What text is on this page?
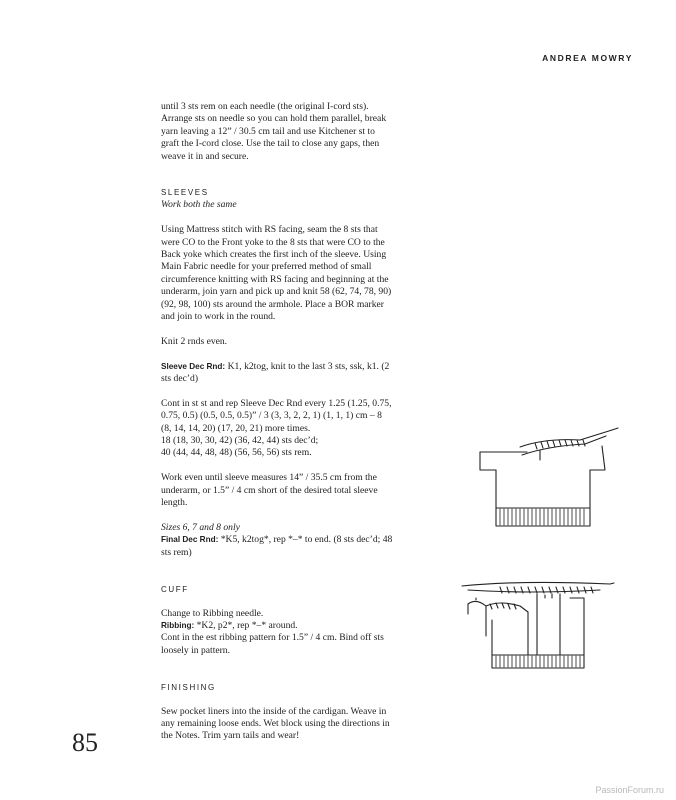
ANDREA MOWRY

until 3 sts rem on each needle (the original I-cord sts). Arrange sts on needle so you can hold them parallel, break yarn leaving a 12” / 30.5 cm tail and use Kitchener st to graft the I-cord close. Use the tail to close any gaps, then weave it in and secure.

SLEEVES
Work both the same

Using Mattress stitch with RS facing, seam the 8 sts that were CO to the Front yoke to the 8 sts that were CO to the Back yoke which creates the first inch of the sleeve. Using Main Fabric needle for your preferred method of small circumference knitting with RS facing and beginning at the underarm, join yarn and pick up and knit 58 (62, 74, 78, 90) (92, 98, 100) sts around the armhole. Place a BOR marker and join to work in the round.

Knit 2 rnds even.

Sleeve Dec Rnd: K1, k2tog, knit to the last 3 sts, ssk, k1. (2 sts dec’d)

Cont in st st and rep Sleeve Dec Rnd every 1.25 (1.25, 0.75, 0.75, 0.5) (0.5, 0.5, 0.5)” / 3 (3, 3, 2, 2, 1) (1, 1, 1) cm – 8 (8, 14, 14, 20) (17, 20, 21) more times.
18 (18, 30, 30, 42) (36, 42, 44) sts dec’d;
40 (44, 44, 48, 48) (56, 56, 56) sts rem.

Work even until sleeve measures 14” / 35.5 cm from the underarm, or 1.5” / 4 cm short of the desired total sleeve length.

Sizes 6, 7 and 8 only

Final Dec Rnd: *K5, k2tog*, rep *–* to end. (8 sts dec’d; 48 sts rem)

CUFF
Change to Ribbing needle.
Ribbing: *K2, p2*, rep *–* around.

Cont in the est ribbing pattern for 1.5” / 4 cm. Bind off sts loosely in pattern.

FINISHING

Sew pocket liners into the inside of the cardigan. Weave in any remaining loose ends. Wet block using the directions in the Notes. Trim yarn tails and wear!

85
PassionForum.ru
